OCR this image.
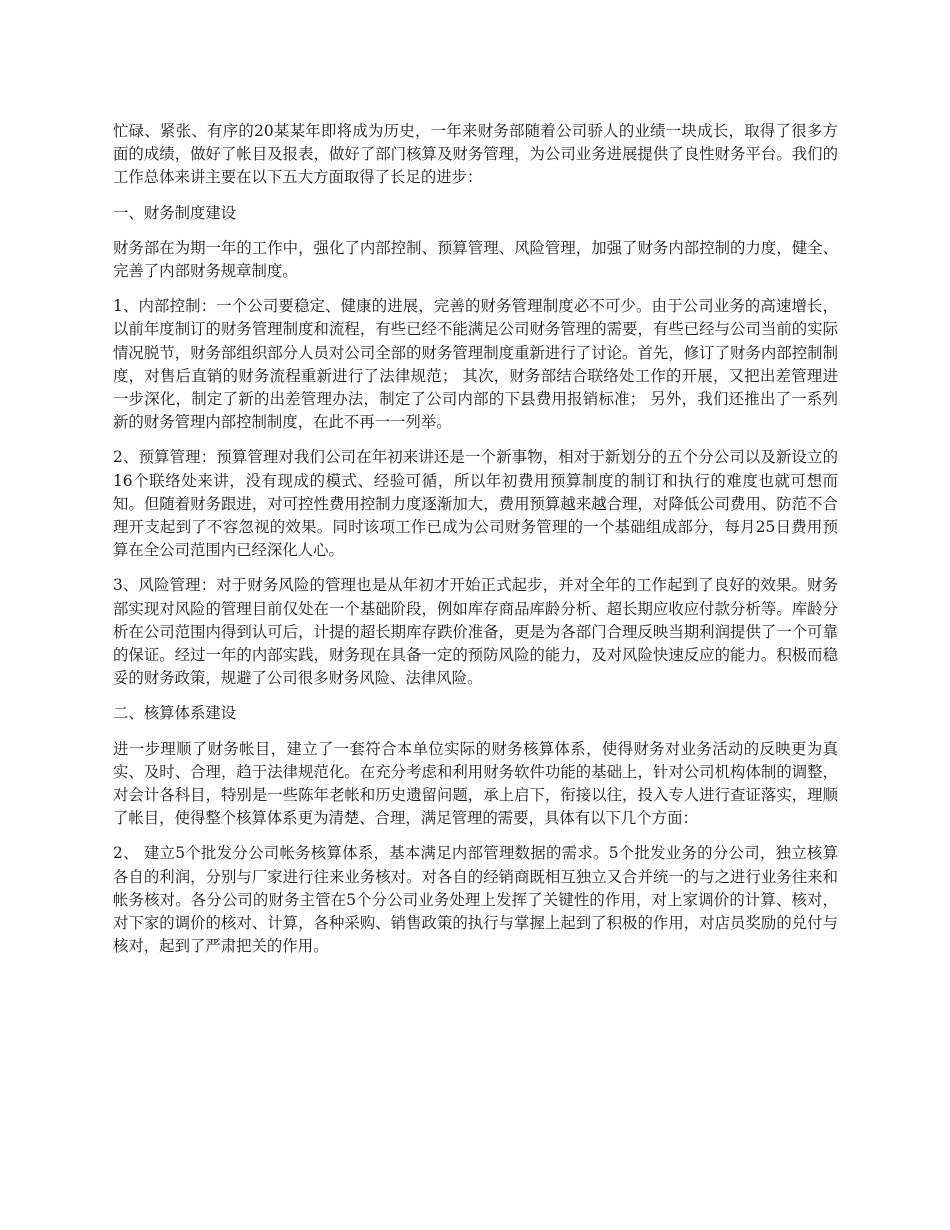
忙碌、紧张、有序的20某某年即将成为历史，一年来财务部随着公司骄人的业绩一块成长，取得了很多方面的成绩，做好了帐目及报表，做好了部门核算及财务管理，为公司业务进展提供了良性财务平台。我们的工作总体来讲主要在以下五大方面取得了长足的进步：

一、财务制度建设

财务部在为期一年的工作中，强化了内部控制、预算管理、风险管理，加强了财务内部控制的力度，健全、完善了内部财务规章制度。

1、内部控制：一个公司要稳定、健康的进展，完善的财务管理制度必不可少。由于公司业务的高速增长，以前年度制订的财务管理制度和流程，有些已经不能满足公司财务管理的需要，有些已经与公司当前的实际情况脱节，财务部组织部分人员对公司全部的财务管理制度重新进行了讨论。首先，修订了财务内部控制制度，对售后直销的财务流程重新进行了法律规范； 其次，财务部结合联络处工作的开展，又把出差管理进一步深化，制定了新的出差管理办法，制定了公司内部的下县费用报销标准； 另外，我们还推出了一系列新的财务管理内部控制制度，在此不再一一列举。

2、预算管理：预算管理对我们公司在年初来讲还是一个新事物，相对于新划分的五个分公司以及新设立的16个联络处来讲，没有现成的模式、经验可循，所以年初费用预算制度的制订和执行的难度也就可想而知。但随着财务跟进，对可控性费用控制力度逐渐加大，费用预算越来越合理，对降低公司费用、防范不合理开支起到了不容忽视的效果。同时该项工作已成为公司财务管理的一个基础组成部分，每月25日费用预算在全公司范围内已经深化人心。

3、风险管理：对于财务风险的管理也是从年初才开始正式起步，并对全年的工作起到了良好的效果。财务部实现对风险的管理目前仅处在一个基础阶段，例如库存商品库龄分析、超长期应收应付款分析等。库龄分析在公司范围内得到认可后，计提的超长期库存跌价准备，更是为各部门合理反映当期利润提供了一个可靠的保证。经过一年的内部实践，财务现在具备一定的预防风险的能力，及对风险快速反应的能力。积极而稳妥的财务政策，规避了公司很多财务风险、法律风险。

二、核算体系建设

进一步理顺了财务帐目，建立了一套符合本单位实际的财务核算体系，使得财务对业务活动的反映更为真实、及时、合理，趋于法律规范化。在充分考虑和利用财务软件功能的基础上，针对公司机构体制的调整，对会计各科目，特别是一些陈年老帐和历史遗留问题，承上启下，衔接以往，投入专人进行查证落实，理顺了帐目，使得整个核算体系更为清楚、合理，满足管理的需要，具体有以下几个方面：

2、 建立5个批发分公司帐务核算体系，基本满足内部管理数据的需求。5个批发业务的分公司，独立核算各自的利润，分别与厂家进行往来业务核对。对各自的经销商既相互独立又合并统一的与之进行业务往来和帐务核对。各分公司的财务主管在5个分公司业务处理上发挥了关键性的作用，对上家调价的计算、核对，对下家的调价的核对、计算，各种采购、销售政策的执行与掌握上起到了积极的作用，对店员奖励的兑付与核对，起到了严肃把关的作用。
